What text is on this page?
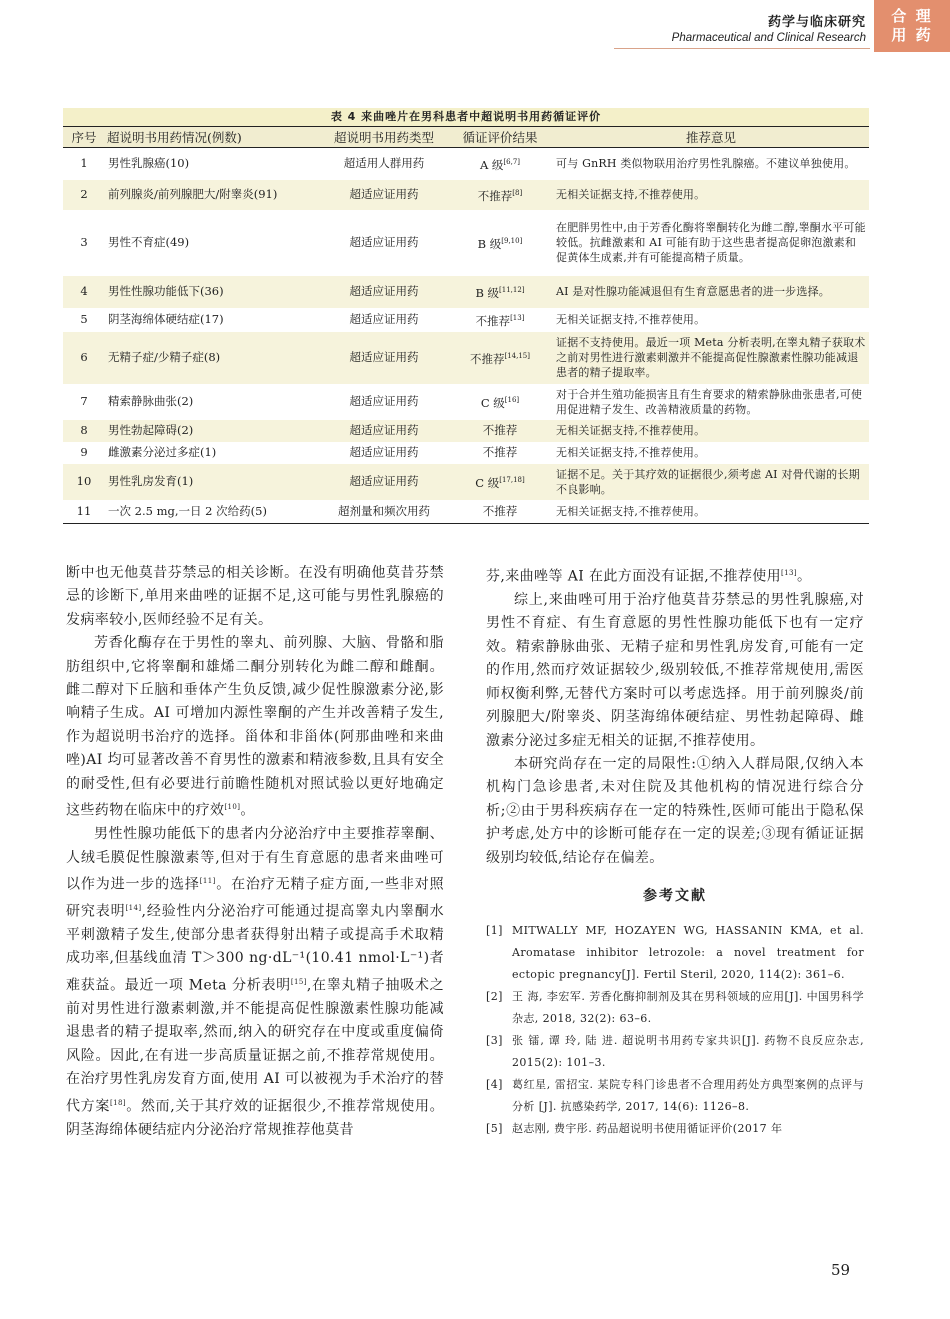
药学与临床研究
Pharmaceutical and Clinical Research
合 理
用 药
表 4 来曲唑片在男科患者中超说明书用药循证评价
序号	超说明书用药情况(例数)	超说明书用药类型	循证评价结果	推荐意见
1	男性乳腺癌(10)	超适用人群用药	A 级[6,7]	可与 GnRH 类似物联用治疗男性乳腺癌。不建议单独使用。
2	前列腺炎/前列腺肥大/附睾炎(91)	超适应证用药	不推荐[8]	无相关证据支持,不推荐使用。
3	男性不育症(49)	超适应证用药	B 级[9,10]	在肥胖男性中,由于芳香化酶将睾酮转化为雌二醇,睾酮水平可能较低。抗雌激素和 AI 可能有助于这些患者提高促卵泡激素和促黄体生成素,并有可能提高精子质量。
4	男性性腺功能低下(36)	超适应证用药	B 级[11,12]	AI 是对性腺功能减退但有生育意愿患者的进一步选择。
5	阴茎海绵体硬结症(17)	超适应证用药	不推荐[13]	无相关证据支持,不推荐使用。
6	无精子症/少精子症(8)	超适应证用药	不推荐[14,15]	证据不支持使用。最近一项 Meta 分析表明,在睾丸精子获取术之前对男性进行激素刺激并不能提高促性腺激素性腺功能减退患者的精子提取率。
7	精索静脉曲张(2)	超适应证用药	C 级[16]	对于合并生殖功能损害且有生育要求的精索静脉曲张患者,可使用促进精子发生、改善精液质量的药物。
8	男性勃起障碍(2)	超适应证用药	不推荐	无相关证据支持,不推荐使用。
9	雌激素分泌过多症(1)	超适应证用药	不推荐	无相关证据支持,不推荐使用。
10	男性乳房发育(1)	超适应证用药	C 级[17,18]	证据不足。关于其疗效的证据很少,须考虑 AI 对骨代谢的长期不良影响。
11	一次 2.5 mg,一日 2 次给药(5)	超剂量和频次用药	不推荐	无相关证据支持,不推荐使用。

断中也无他莫昔芬禁忌的相关诊断。在没有明确他莫昔芬禁忌的诊断下,单用来曲唑的证据不足,这可能与男性乳腺癌的发病率较小,医师经验不足有关。

芳香化酶存在于男性的睾丸、前列腺、大脑、骨骼和脂肪组织中,它将睾酮和雄烯二酮分别转化为雌二醇和雌酮。雌二醇对下丘脑和垂体产生负反馈,减少促性腺激素分泌,影响精子生成。AI 可增加内源性睾酮的产生并改善精子发生,作为超说明书治疗的选择。甾体和非甾体(阿那曲唑和来曲唑)AI 均可显著改善不育男性的激素和精液参数,且具有安全的耐受性,但有必要进行前瞻性随机对照试验以更好地确定这些药物在临床中的疗效[10]。

男性性腺功能低下的患者内分泌治疗中主要推荐睾酮、人绒毛膜促性腺激素等,但对于有生育意愿的患者来曲唑可以作为进一步的选择[11]。在治疗无精子症方面,一些非对照研究表明[14],经验性内分泌治疗可能通过提高睾丸内睾酮水平刺激精子发生,使部分患者获得射出精子或提高手术取精成功率,但基线血清 T＞300 ng·dL⁻¹(10.41 nmol·L⁻¹)者难获益。最近一项 Meta 分析表明[15],在睾丸精子抽吸术之前对男性进行激素刺激,并不能提高促性腺激素性腺功能减退患者的精子提取率,然而,纳入的研究存在中度或重度偏倚风险。因此,在有进一步高质量证据之前,不推荐常规使用。在治疗男性乳房发育方面,使用 AI 可以被视为手术治疗的替代方案[18]。然而,关于其疗效的证据很少,不推荐常规使用。阴茎海绵体硬结症内分泌治疗常规推荐他莫昔

芬,来曲唑等 AI 在此方面没有证据,不推荐使用[13]。

综上,来曲唑可用于治疗他莫昔芬禁忌的男性乳腺癌,对男性不育症、有生育意愿的男性性腺功能低下也有一定疗效。精索静脉曲张、无精子症和男性乳房发育,可能有一定的作用,然而疗效证据较少,级别较低,不推荐常规使用,需医师权衡利弊,无替代方案时可以考虑选择。用于前列腺炎/前列腺肥大/附睾炎、阴茎海绵体硬结症、男性勃起障碍、雌激素分泌过多症无相关的证据,不推荐使用。

本研究尚存在一定的局限性:①纳入人群局限,仅纳入本机构门急诊患者,未对住院及其他机构的情况进行综合分析;②由于男科疾病存在一定的特殊性,医师可能出于隐私保护考虑,处方中的诊断可能存在一定的误差;③现有循证证据级别均较低,结论存在偏差。

参考文献
[1] MITWALLY MF, HOZAYEN WG, HASSANIN KMA, et al. Aromatase inhibitor letrozole: a novel treatment for ectopic pregnancy[J]. Fertil Steril, 2020, 114(2): 361–6.
[2] 王 海, 李宏军. 芳香化酶抑制剂及其在男科领域的应用[J]. 中国男科学杂志, 2018, 32(2): 63–6.
[3] 张 镭, 谭 玲, 陆 进. 超说明书用药专家共识[J]. 药物不良反应杂志, 2015(2): 101–3.
[4] 葛红星, 雷招宝. 某院专科门诊患者不合理用药处方典型案例的点评与分析 [J]. 抗感染药学, 2017, 14(6): 1126–8.
[5] 赵志刚, 费宇彤. 药品超说明书使用循证评价(2017 年
59
